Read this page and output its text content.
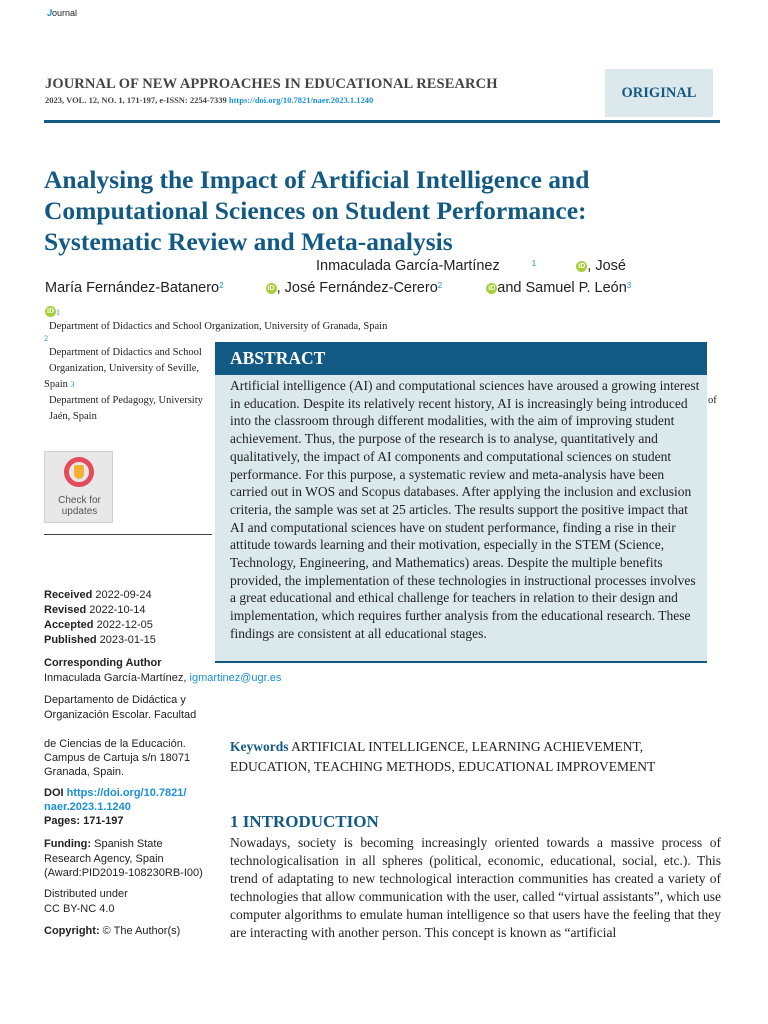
Journal
JOURNAL OF NEW APPROACHES IN EDUCATIONAL RESEARCH
2023, VOL. 12, NO. 1, 171-197, e-ISSN: 2254-7339 https://doi.org/10.7821/naer.2023.1.1240	ORIGINAL
Analysing the Impact of Artificial Intelligence and
Computational Sciences on Student Performance:
Systematic Review and Meta-analysis
Inmaculada García-Martínez	$^1$	iD , José
María Fernández-Batanero$^2$	iD , José Fernández-Cerero$^2$	iD and Samuel P. León$^3$
iD 1
Department of Didactics and School Organization, University of Granada, Spain
2
Department of Didactics and School
Organization, University of Seville,
Spain 3
Department of Pedagogy, University
Jaén, Spain
of
Check for
updates
Received 2022-09-24
Revised 2022-10-14
Accepted 2022-12-05
Published 2023-01-15
Corresponding Author
Inmaculada García-Martínez, igmartinez@ugr.es
Departamento de Didáctica y
Organización Escolar. Facultad
de Ciencias de la Educación.
Campus de Cartuja s/n 18071
Granada, Spain.
DOI https://doi.org/10.7821/
naer.2023.1.1240
Pages: 171-197
Funding: Spanish State
Research Agency, Spain
(Award:PID2019-108230RB-I00)
Distributed under
CC BY-NC 4.0
Copyright: © The Author(s)
ABSTRACT
Artificial intelligence (AI) and computational sciences have aroused a growing interest in education. Despite its relatively recent history, AI is increasingly being introduced into the classroom through different modalities, with the aim of improving student achievement. Thus, the purpose of the research is to analyse, quantitatively and qualitatively, the impact of AI components and computational sciences on student performance. For this purpose, a systematic review and meta-analysis have been carried out in WOS and Scopus databases. After applying the inclusion and exclusion criteria, the sample was set at 25 articles. The results support the positive impact that AI and computational sciences have on student performance, finding a rise in their attitude towards learning and their motivation, especially in the STEM (Science, Technology, Engineering, and Mathematics) areas. Despite the multiple benefits provided, the implementation of these technologies in instructional processes involves a great educational and ethical challenge for teachers in relation to their design and implementation, which requires further analysis from the educational research. These findings are consistent at all educational stages.
Keywords ARTIFICIAL INTELLIGENCE, LEARNING ACHIEVEMENT, EDUCATION, TEACHING METHODS, EDUCATIONAL IMPROVEMENT
1 INTRODUCTION
Nowadays, society is becoming increasingly oriented towards a massive process of technologicalisation in all spheres (political, economic, educational, social, etc.). This trend of adaptating to new technological interaction communities has created a variety of technologies that allow communication with the user, called “virtual assistants”, which use computer algorithms to emulate human intelligence so that users have the feeling that they are interacting with another person. This concept is known as “artificial
